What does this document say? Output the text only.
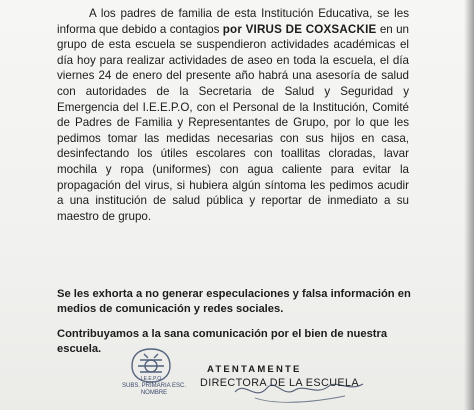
A los padres de familia de esta Institución Educativa, se les informa que debido a contagios por VIRUS DE COXSACKIE en un grupo de esta escuela se suspendieron actividades académicas el día hoy para realizar actividades de aseo en toda la escuela, el día viernes 24 de enero del presente año habrá una asesoría de salud con autoridades de la Secretaria de Salud y Seguridad y Emergencia del I.E.E.P.O, con el Personal de la Institución, Comité de Padres de Familia y Representantes de Grupo, por lo que les pedimos tomar las medidas necesarias con sus hijos en casa, desinfectando los útiles escolares con toallitas cloradas, lavar mochila y ropa (uniformes) con agua caliente para evitar la propagación del virus, si hubiera algún síntoma les pedimos acudir a una institución de salud pública y reportar de inmediato a su maestro de grupo.

Se les exhorta a no generar especulaciones y falsa información en medios de comunicación y redes sociales.

Contribuyamos a la sana comunicación por el bien de nuestra escuela.

I.E.E.P.O
SUBS. PRIMARIA ESC. NOMBRE
ATENTAMENTE
DIRECTORA DE LA ESCUELA
